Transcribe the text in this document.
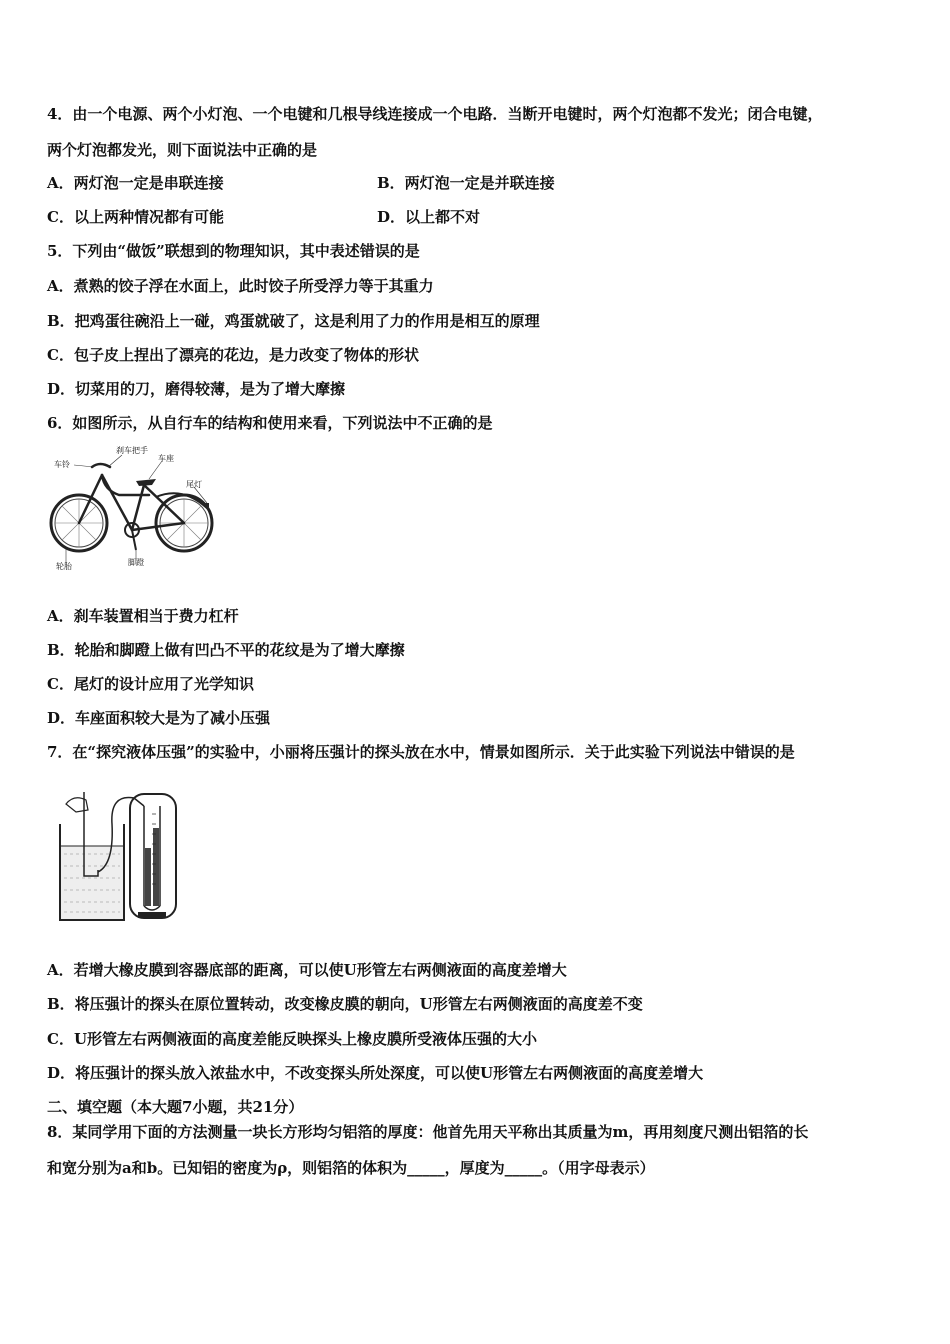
4．由一个电源、两个小灯泡、一个电键和几根导线连接成一个电路．当断开电键时，两个灯泡都不发光；闭合电键，
两个灯泡都发光，则下面说法中正确的是
A．两灯泡一定是串联连接	B．两灯泡一定是并联连接
C．以上两种情况都有可能	D．以上都不对
5．下列由“做饭”联想到的物理知识，其中表述错误的是
A．煮熟的饺子浮在水面上，此时饺子所受浮力等于其重力
B．把鸡蛋往碗沿上一碰，鸡蛋就破了，这是利用了力的作用是相互的原理
C．包子皮上捏出了漂亮的花边，是力改变了物体的形状
D．切菜用的刀，磨得较薄，是为了增大摩擦
6．如图所示，从自行车的结构和使用来看，下列说法中不正确的是
车铃
刹车把手
车座
尾灯
轮胎	脚蹬
A．刹车装置相当于费力杠杆
B．轮胎和脚蹬上做有凹凸不平的花纹是为了增大摩擦
C．尾灯的设计应用了光学知识
D．车座面积较大是为了减小压强
7．在“探究液体压强”的实验中，小丽将压强计的探头放在水中，情景如图所示．关于此实验下列说法中错误的是
A．若增大橡皮膜到容器底部的距离，可以使U形管左右两侧液面的高度差增大
B．将压强计的探头在原位置转动，改变橡皮膜的朝向，U形管左右两侧液面的高度差不变
C．U形管左右两侧液面的高度差能反映探头上橡皮膜所受液体压强的大小
D．将压强计的探头放入浓盐水中，不改变探头所处深度，可以使U形管左右两侧液面的高度差增大
二、填空题（本大题7小题，共21分）
8．某同学用下面的方法测量一块长方形均匀铝箔的厚度：他首先用天平称出其质量为m，再用刻度尺测出铝箔的长
和宽分别为a和b。已知铝的密度为ρ，则铝箔的体积为_____，厚度为_____。（用字母表示）
